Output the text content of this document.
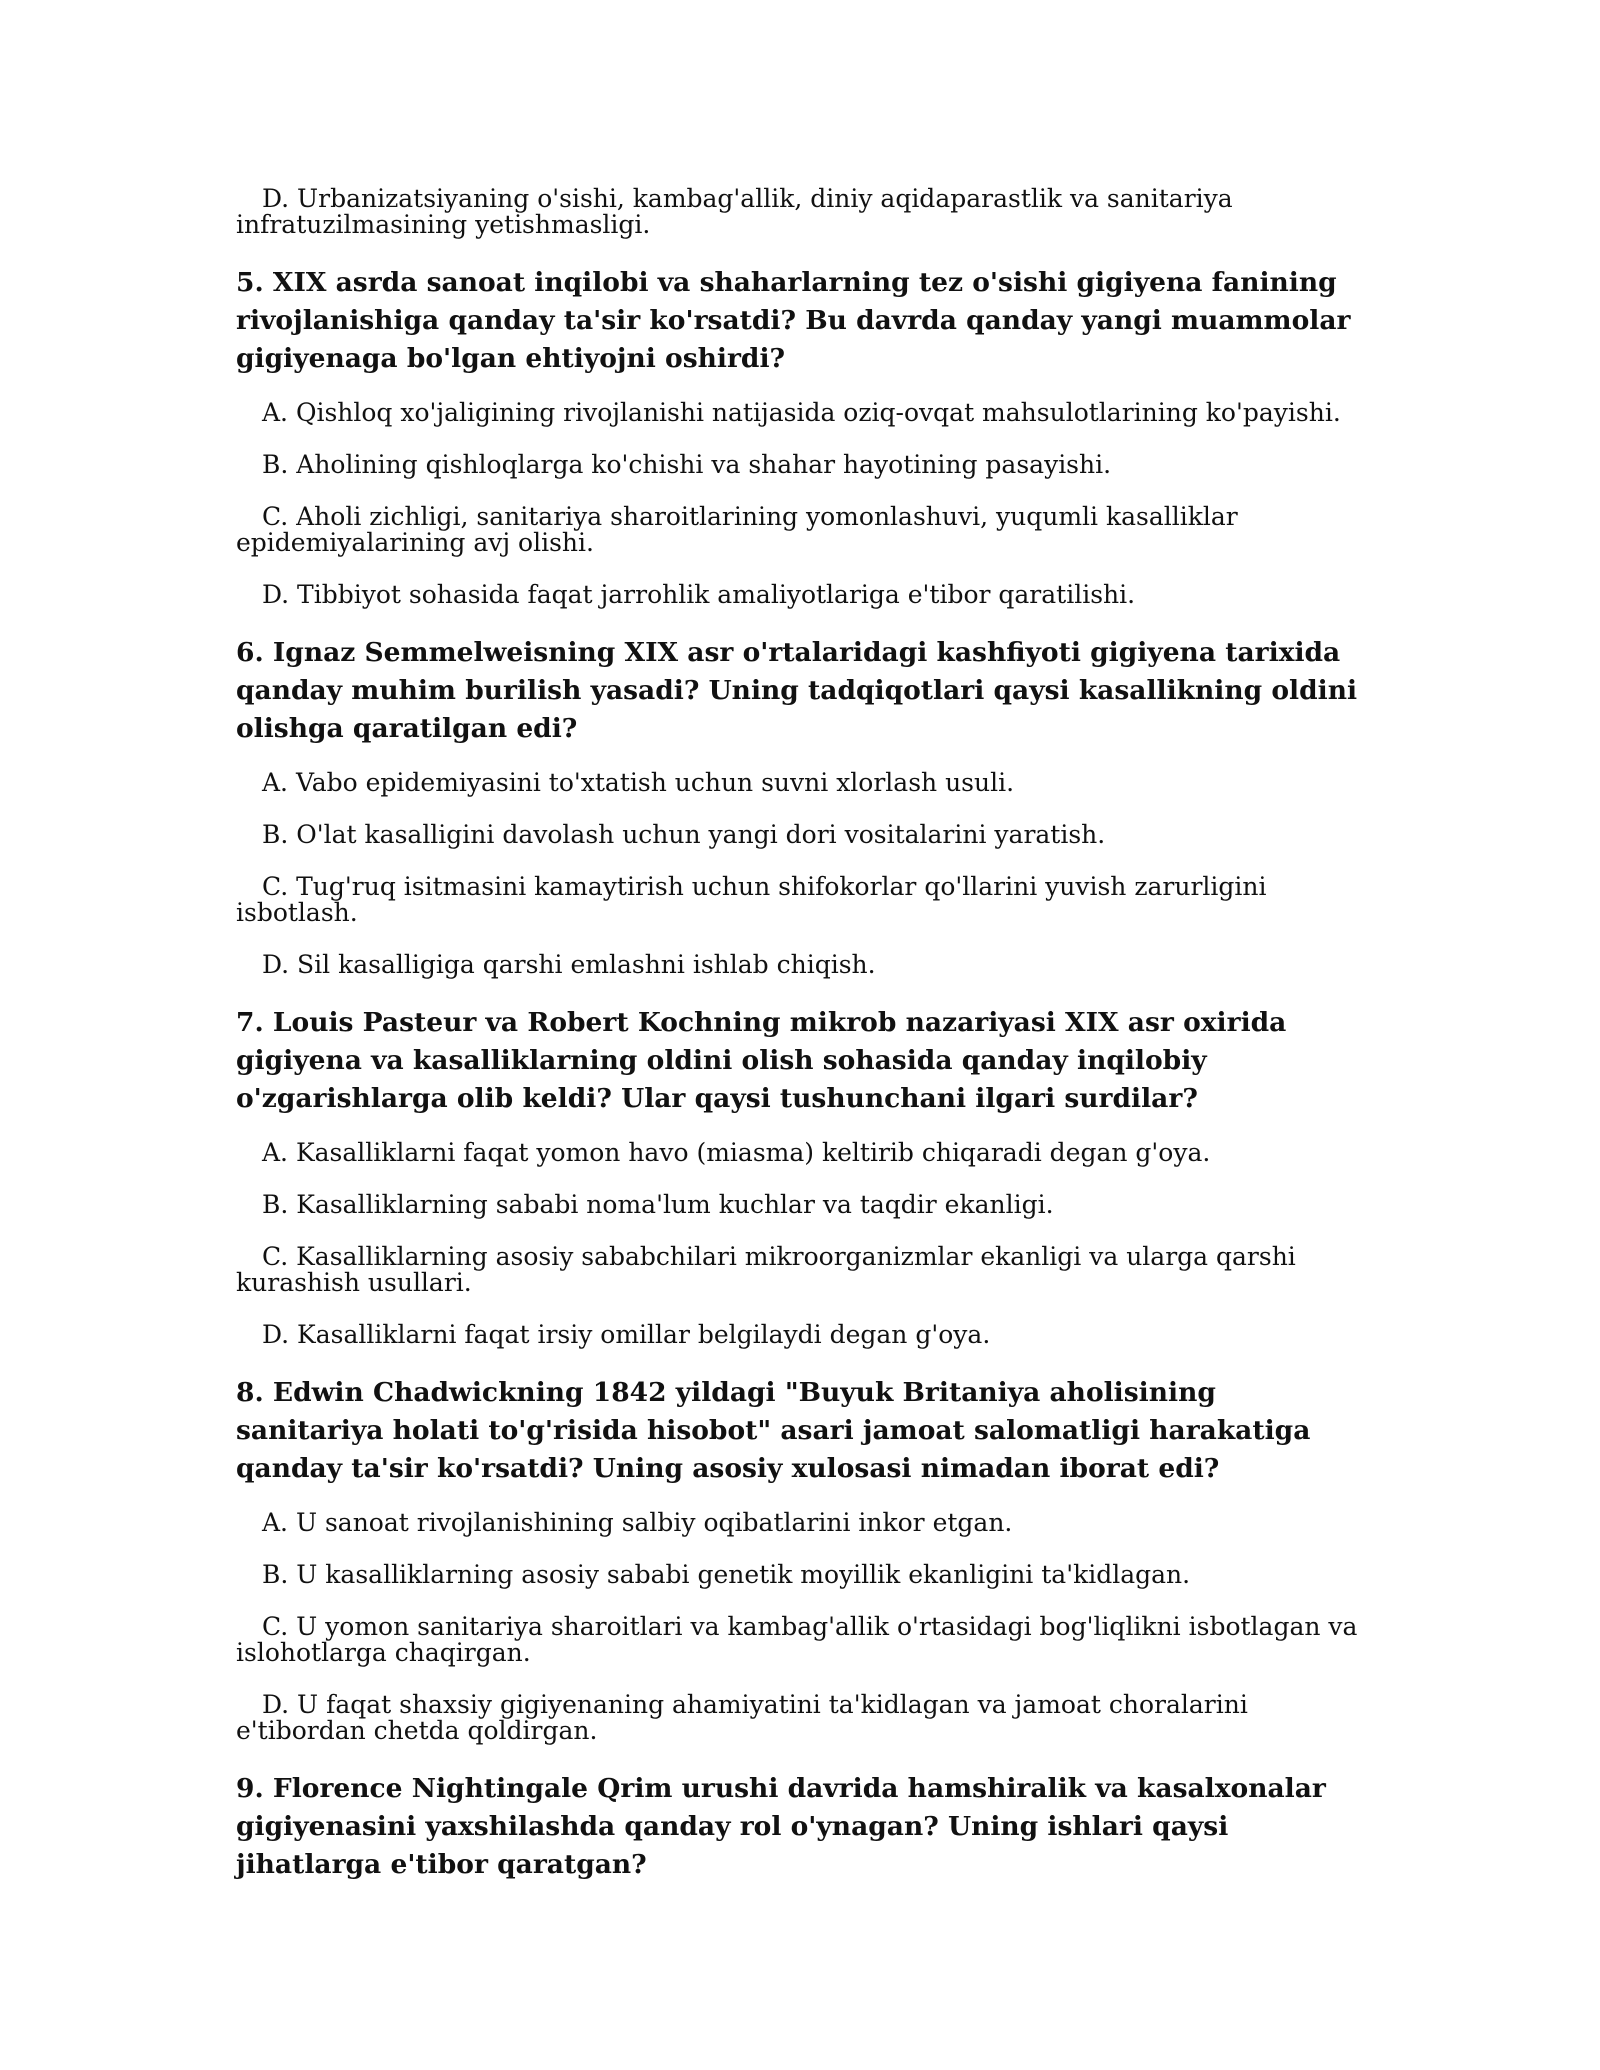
D. Urbanizatsiyaning o'sishi, kambag'allik, diniy aqidaparastlik va sanitariya infratuzilmasining yetishmasligi.

5. XIX asrda sanoat inqilobi va shaharlarning tez o'sishi gigiyena fanining rivojlanishiga qanday ta'sir ko'rsatdi? Bu davrda qanday yangi muammolar gigiyenaga bo'lgan ehtiyojni oshirdi?

A. Qishloq xo'jaligining rivojlanishi natijasida oziq-ovqat mahsulotlarining ko'payishi.

B. Aholining qishloqlarga ko'chishi va shahar hayotining pasayishi.

C. Aholi zichligi, sanitariya sharoitlarining yomonlashuvi, yuqumli kasalliklar epidemiyalarining avj olishi.

D. Tibbiyot sohasida faqat jarrohlik amaliyotlariga e'tibor qaratilishi.

6. Ignaz Semmelweisning XIX asr o'rtalaridagi kashfiyoti gigiyena tarixida qanday muhim burilish yasadi? Uning tadqiqotlari qaysi kasallikning oldini olishga qaratilgan edi?

A. Vabo epidemiyasini to'xtatish uchun suvni xlorlash usuli.

B. O'lat kasalligini davolash uchun yangi dori vositalarini yaratish.

C. Tug'ruq isitmasini kamaytirish uchun shifokorlar qo'llarini yuvish zarurligini isbotlash.

D. Sil kasalligiga qarshi emlashni ishlab chiqish.

7. Louis Pasteur va Robert Kochning mikrob nazariyasi XIX asr oxirida gigiyena va kasalliklarning oldini olish sohasida qanday inqilobiy o'zgarishlarga olib keldi? Ular qaysi tushunchani ilgari surdilar?

A. Kasalliklarni faqat yomon havo (miasma) keltirib chiqaradi degan g'oya.

B. Kasalliklarning sababi noma'lum kuchlar va taqdir ekanligi.

C. Kasalliklarning asosiy sababchilari mikroorganizmlar ekanligi va ularga qarshi kurashish usullari.

D. Kasalliklarni faqat irsiy omillar belgilaydi degan g'oya.

8. Edwin Chadwickning 1842 yildagi "Buyuk Britaniya aholisining sanitariya holati to'g'risida hisobot" asari jamoat salomatligi harakatiga qanday ta'sir ko'rsatdi? Uning asosiy xulosasi nimadan iborat edi?

A. U sanoat rivojlanishining salbiy oqibatlarini inkor etgan.

B. U kasalliklarning asosiy sababi genetik moyillik ekanligini ta'kidlagan.

C. U yomon sanitariya sharoitlari va kambag'allik o'rtasidagi bog'liqlikni isbotlagan va islohotlarga chaqirgan.

D. U faqat shaxsiy gigiyenaning ahamiyatini ta'kidlagan va jamoat choralarini e'tibordan chetda qoldirgan.

9. Florence Nightingale Qrim urushi davrida hamshiralik va kasalxonalar gigiyenasini yaxshilashda qanday rol o'ynagan? Uning ishlari qaysi jihatlarga e'tibor qaratgan?
